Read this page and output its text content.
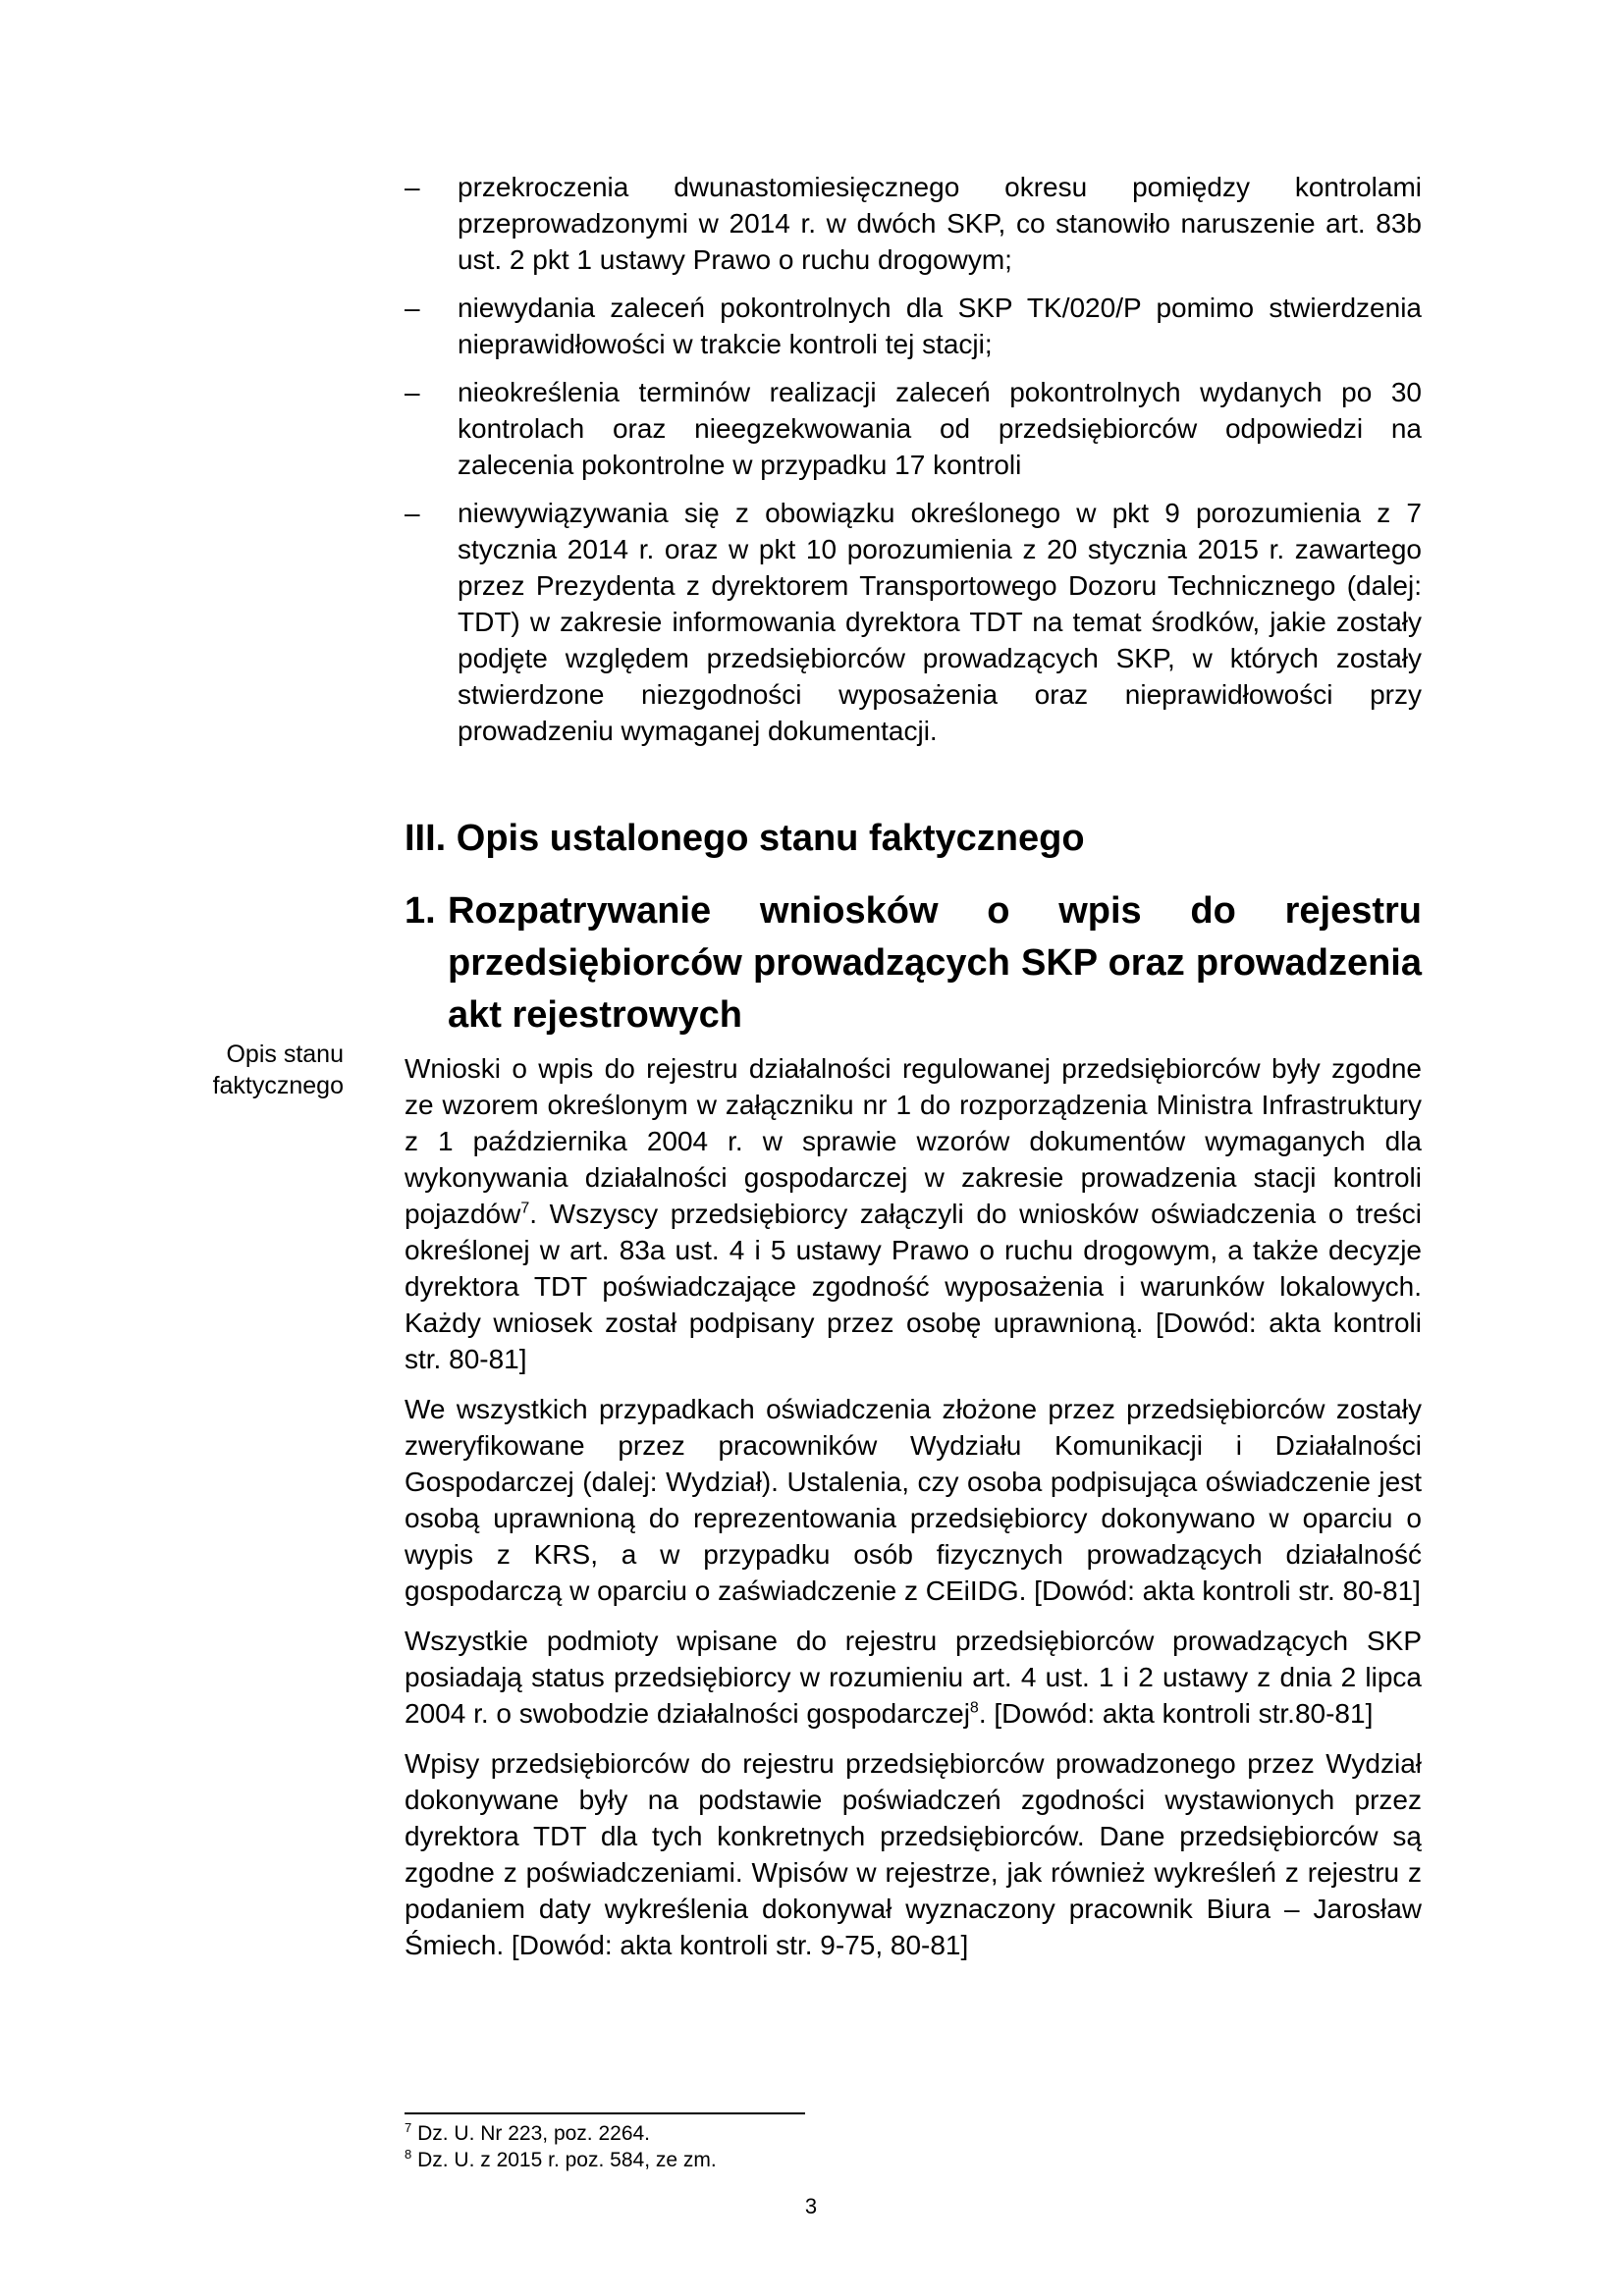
– przekroczenia dwunastomiesięcznego okresu pomiędzy kontrolami przeprowadzonymi w 2014 r. w dwóch SKP, co stanowiło naruszenie art. 83b ust. 2 pkt 1 ustawy Prawo o ruchu drogowym;
– niewydania zaleceń pokontrolnych dla SKP TK/020/P pomimo stwierdzenia nieprawidłowości w trakcie kontroli tej stacji;
– nieokreślenia terminów realizacji zaleceń pokontrolnych wydanych po 30 kontrolach oraz nieegzekwowania od przedsiębiorców odpowiedzi na zalecenia pokontrolne w przypadku 17 kontroli
– niewywiązywania się z obowiązku określonego w pkt 9 porozumienia z 7 stycznia 2014 r. oraz w pkt 10 porozumienia z 20 stycznia 2015 r. zawartego przez Prezydenta z dyrektorem Transportowego Dozoru Technicznego (dalej: TDT) w zakresie informowania dyrektora TDT na temat środków, jakie zostały podjęte względem przedsiębiorców prowadzących SKP, w których zostały stwierdzone niezgodności wyposażenia oraz nieprawidłowości przy prowadzeniu wymaganej dokumentacji.
III. Opis ustalonego stanu faktycznego
1. Rozpatrywanie wniosków o wpis do rejestru przedsiębiorców prowadzących SKP oraz prowadzenia akt rejestrowych
Opis stanu faktycznego

Wnioski o wpis do rejestru działalności regulowanej przedsiębiorców były zgodne ze wzorem określonym w załączniku nr 1 do rozporządzenia Ministra Infrastruktury z 1 października 2004 r. w sprawie wzorów dokumentów wymaganych dla wykonywania działalności gospodarczej w zakresie prowadzenia stacji kontroli pojazdów$^7$. Wszyscy przedsiębiorcy załączyli do wniosków oświadczenia o treści określonej w art. 83a ust. 4 i 5 ustawy Prawo o ruchu drogowym, a także decyzje dyrektora TDT poświadczające zgodność wyposażenia i warunków lokalowych. Każdy wniosek został podpisany przez osobę uprawnioną. [Dowód: akta kontroli str. 80-81]

We wszystkich przypadkach oświadczenia złożone przez przedsiębiorców zostały zweryfikowane przez pracowników Wydziału Komunikacji i Działalności Gospodarczej (dalej: Wydział). Ustalenia, czy osoba podpisująca oświadczenie jest osobą uprawnioną do reprezentowania przedsiębiorcy dokonywano w oparciu o wypis z KRS, a w przypadku osób fizycznych prowadzących działalność gospodarczą w oparciu o zaświadczenie z CEiIDG. [Dowód: akta kontroli str. 80-81]

Wszystkie podmioty wpisane do rejestru przedsiębiorców prowadzących SKP posiadają status przedsiębiorcy w rozumieniu art. 4 ust. 1 i 2 ustawy z dnia 2 lipca 2004 r. o swobodzie działalności gospodarczej$^8$. [Dowód: akta kontroli str.80-81]

Wpisy przedsiębiorców do rejestru przedsiębiorców prowadzonego przez Wydział dokonywane były na podstawie poświadczeń zgodności wystawionych przez dyrektora TDT dla tych konkretnych przedsiębiorców. Dane przedsiębiorców są zgodne z poświadczeniami. Wpisów w rejestrze, jak również wykreśleń z rejestru z podaniem daty wykreślenia dokonywał wyznaczony pracownik Biura – Jarosław Śmiech. [Dowód: akta kontroli str. 9-75, 80-81]

$^7$ Dz. U. Nr 223, poz. 2264.
$^8$ Dz. U. z 2015 r. poz. 584, ze zm.
3
